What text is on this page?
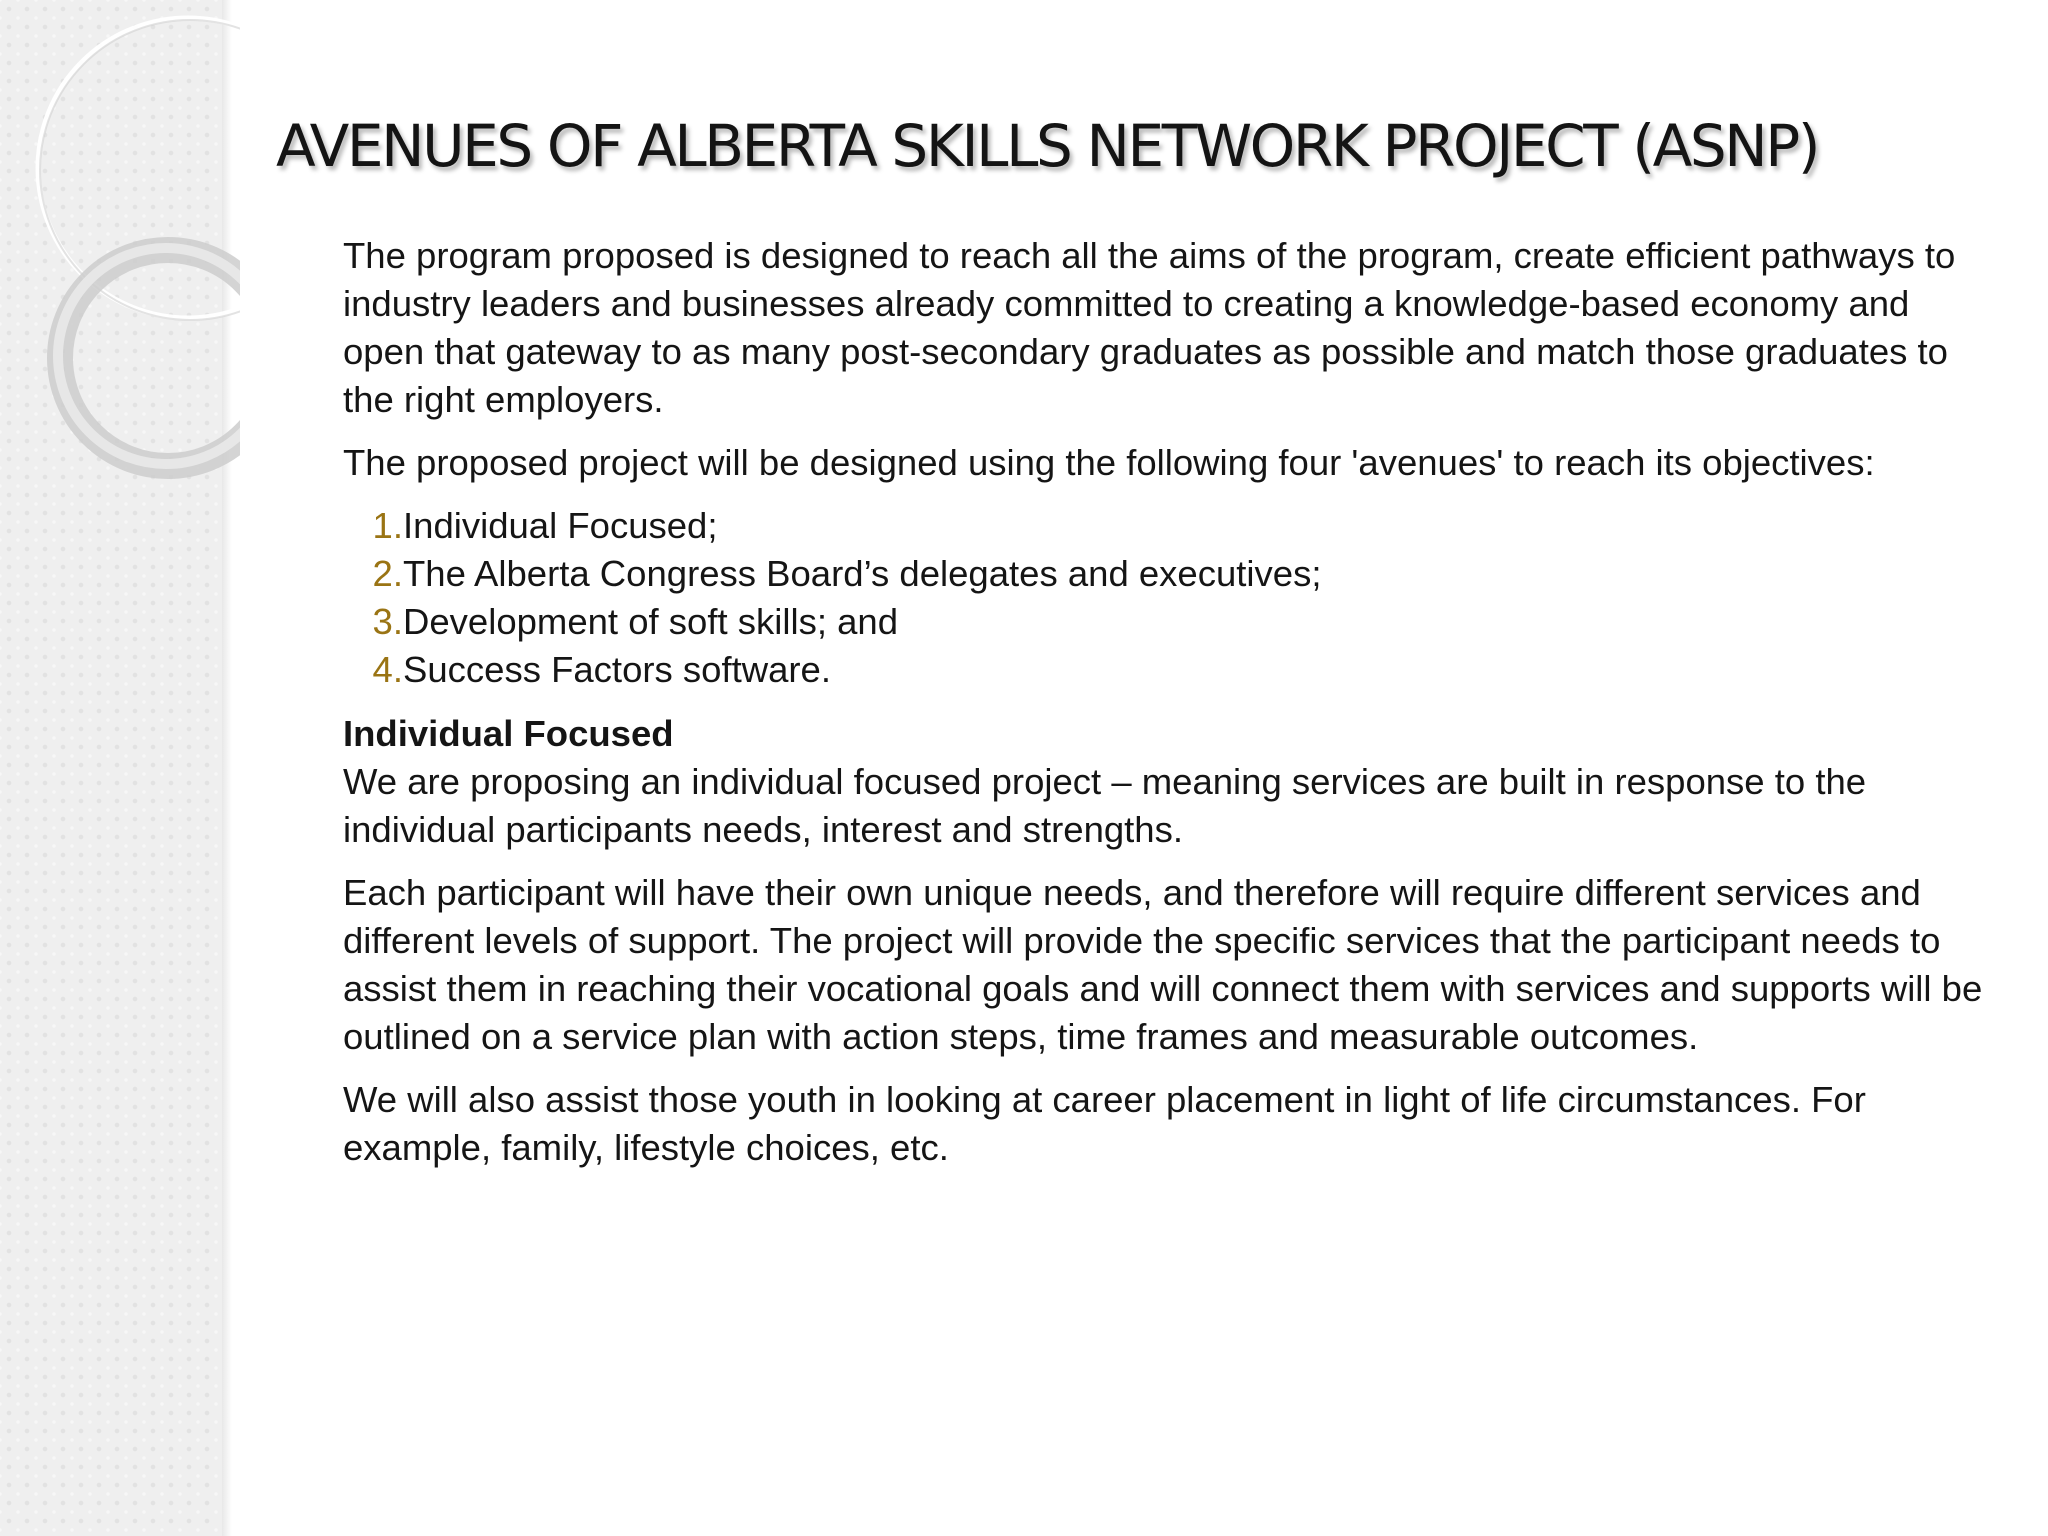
AVENUES OF ALBERTA SKILLS NETWORK PROJECT (ASNP)

The program proposed is designed to reach all the aims of the program, create efficient pathways to industry leaders and businesses already committed to creating a knowledge-based economy and open that gateway to as many post-secondary graduates as possible and match those graduates to the right employers.

The proposed project will be designed using the following four 'avenues' to reach its objectives:

1. Individual Focused;
2. The Alberta Congress Board’s delegates and executives;
3. Development of soft skills; and
4. Success Factors software.

Individual Focused
We are proposing an individual focused project – meaning services are built in response to the individual participants needs, interest and strengths.

Each participant will have their own unique needs, and therefore will require different services and different levels of support. The project will provide the specific services that the participant needs to assist them in reaching their vocational goals and will connect them with services and supports will be outlined on a service plan with action steps, time frames and measurable outcomes.

We will also assist those youth in looking at career placement in light of life circumstances. For example, family, lifestyle choices, etc.
